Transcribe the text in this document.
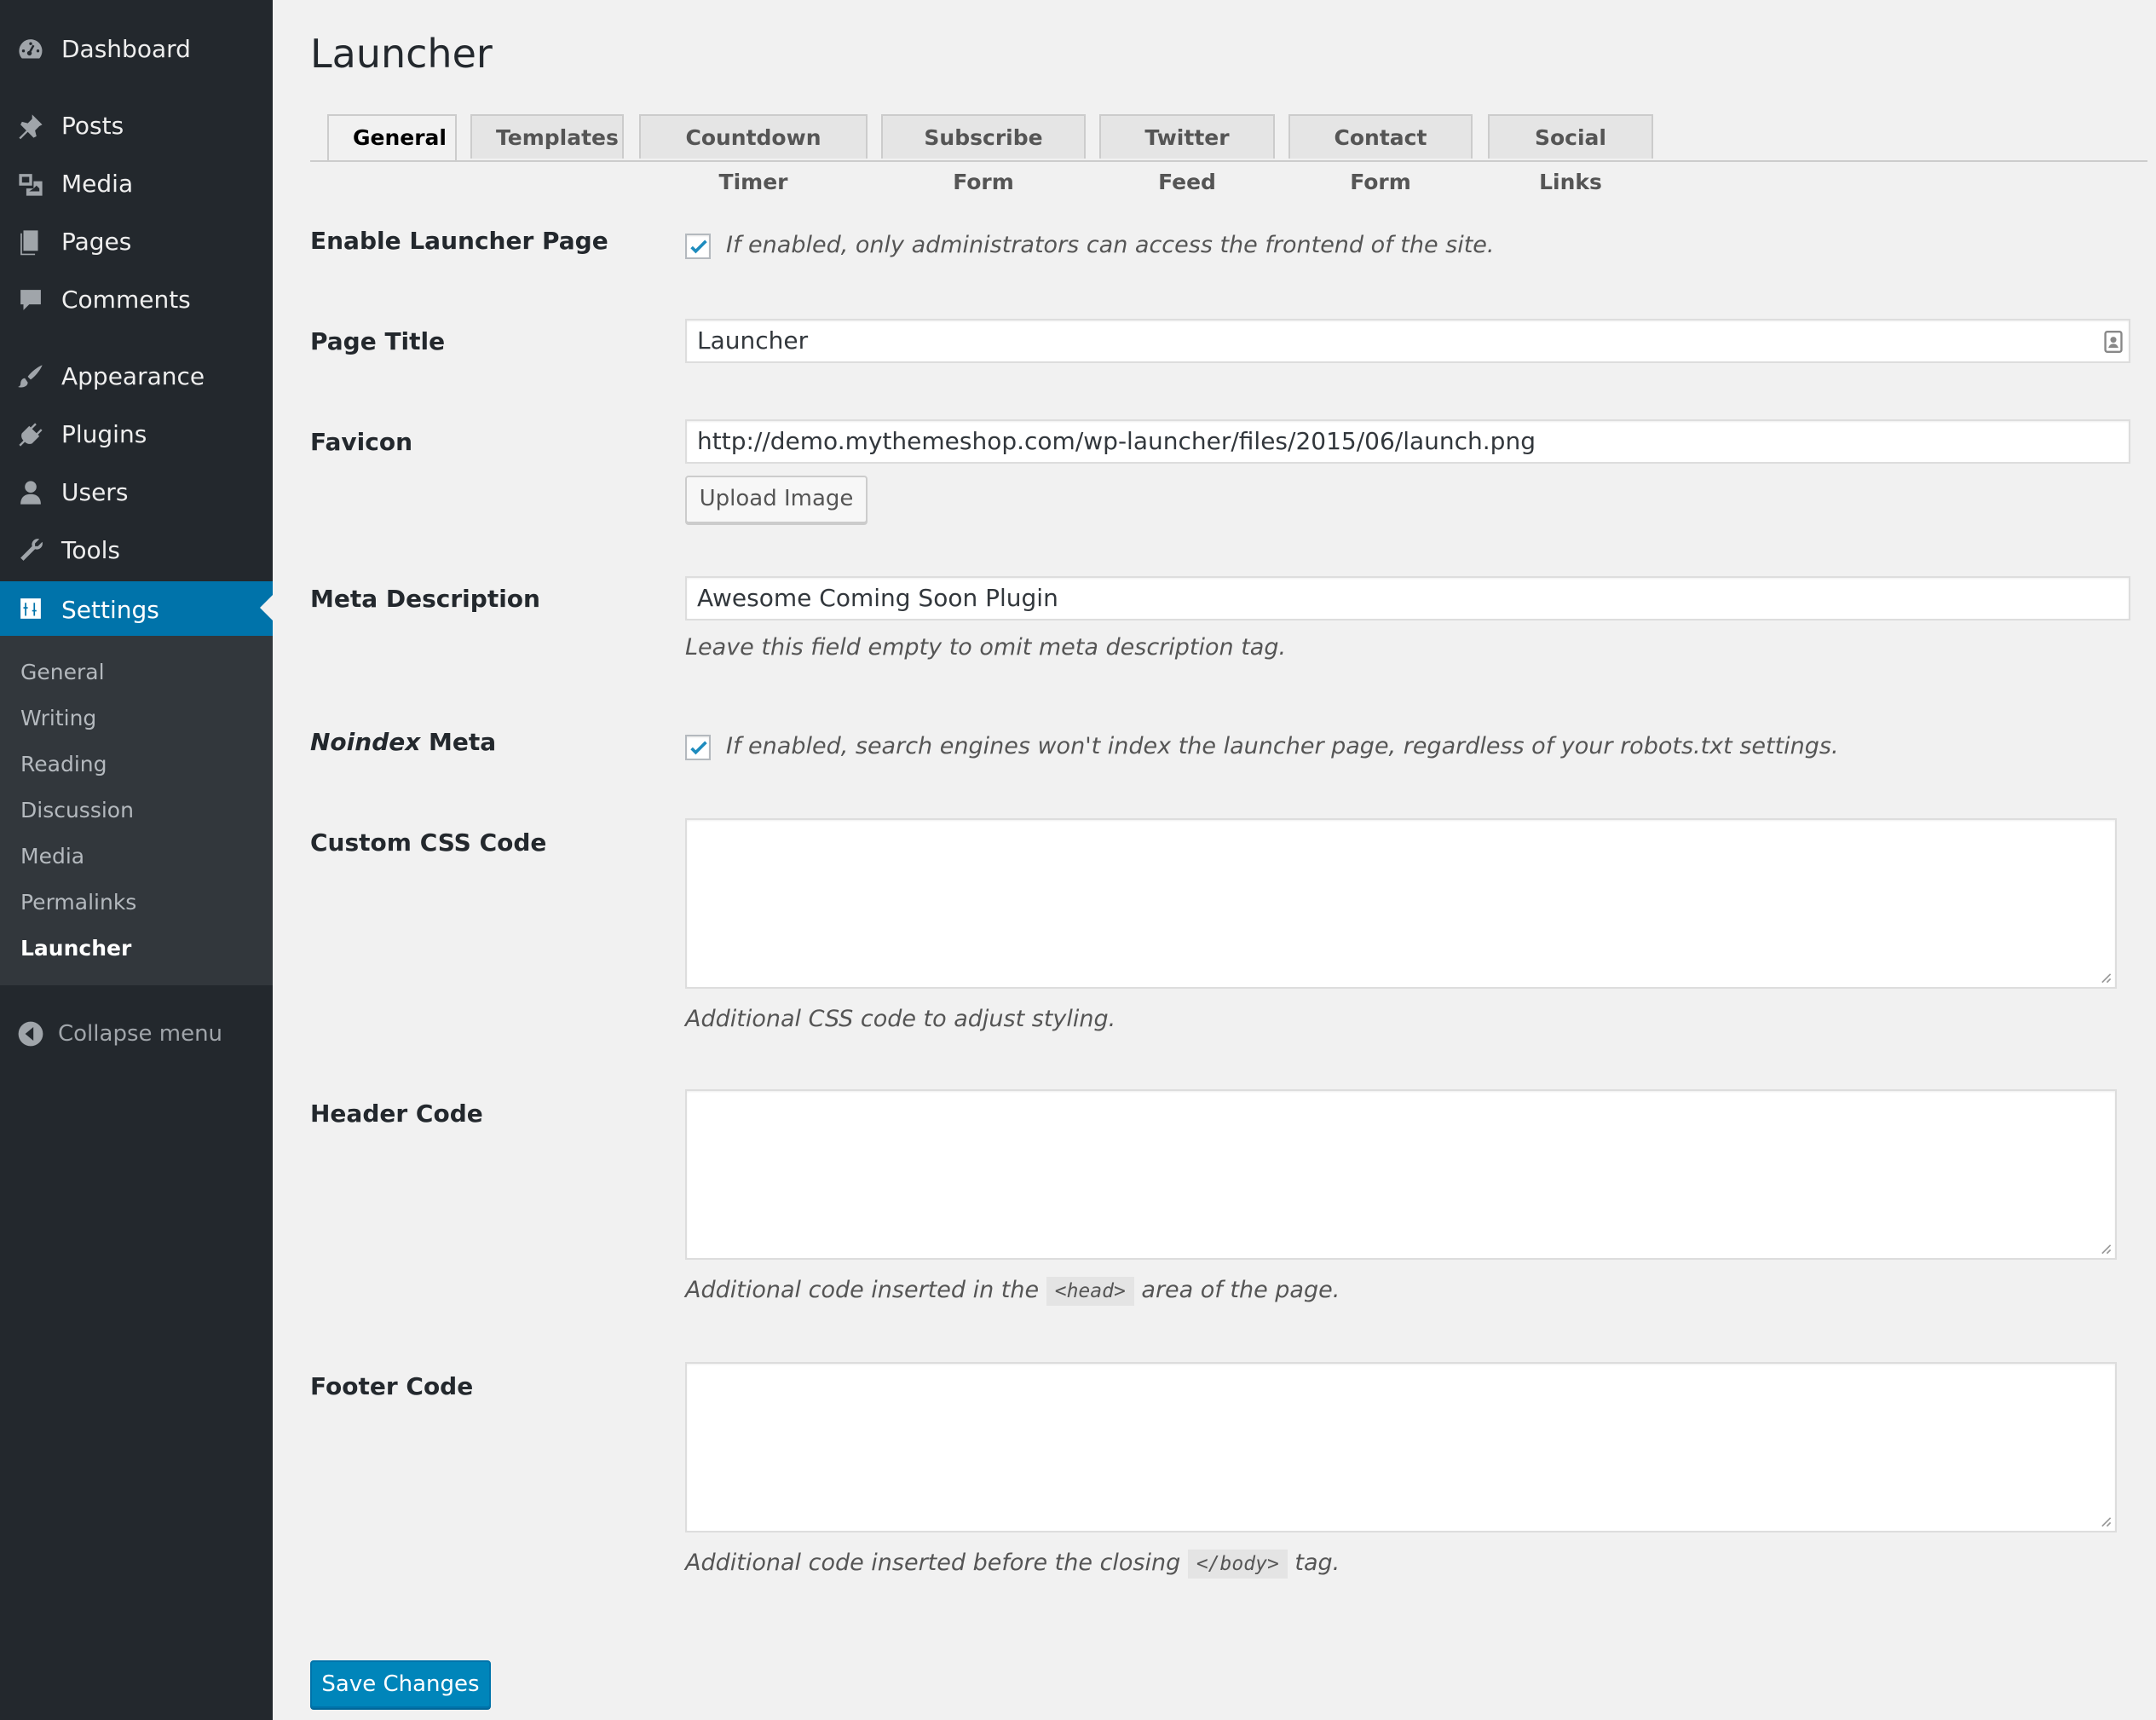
Dashboard
Posts
Media
Pages
Comments
Appearance
Plugins
Users
Tools
Settings
General
Writing
Reading
Discussion
Media
Permalinks
Launcher
Collapse menu
Launcher
General	Templates	Countdown Timer
Subscribe Form
Twitter Feed
Contact Form
Social Links
Enable Launcher Page	If enabled, only administrators can access the frontend of the site.
Page Title	Launcher
Favicon	http://demo.mythemeshop.com/wp-launcher/files/2015/06/launch.png
Upload Image
Meta Description	Awesome Coming Soon Plugin
Leave this field empty to omit meta description tag.
Noindex Meta	If enabled, search engines won't index the launcher page, regardless of your robots.txt settings.
Custom CSS Code
Additional CSS code to adjust styling.
Header Code
Additional code inserted in the <head> area of the page.
Footer Code
Additional code inserted before the closing </body> tag.
Save Changes
